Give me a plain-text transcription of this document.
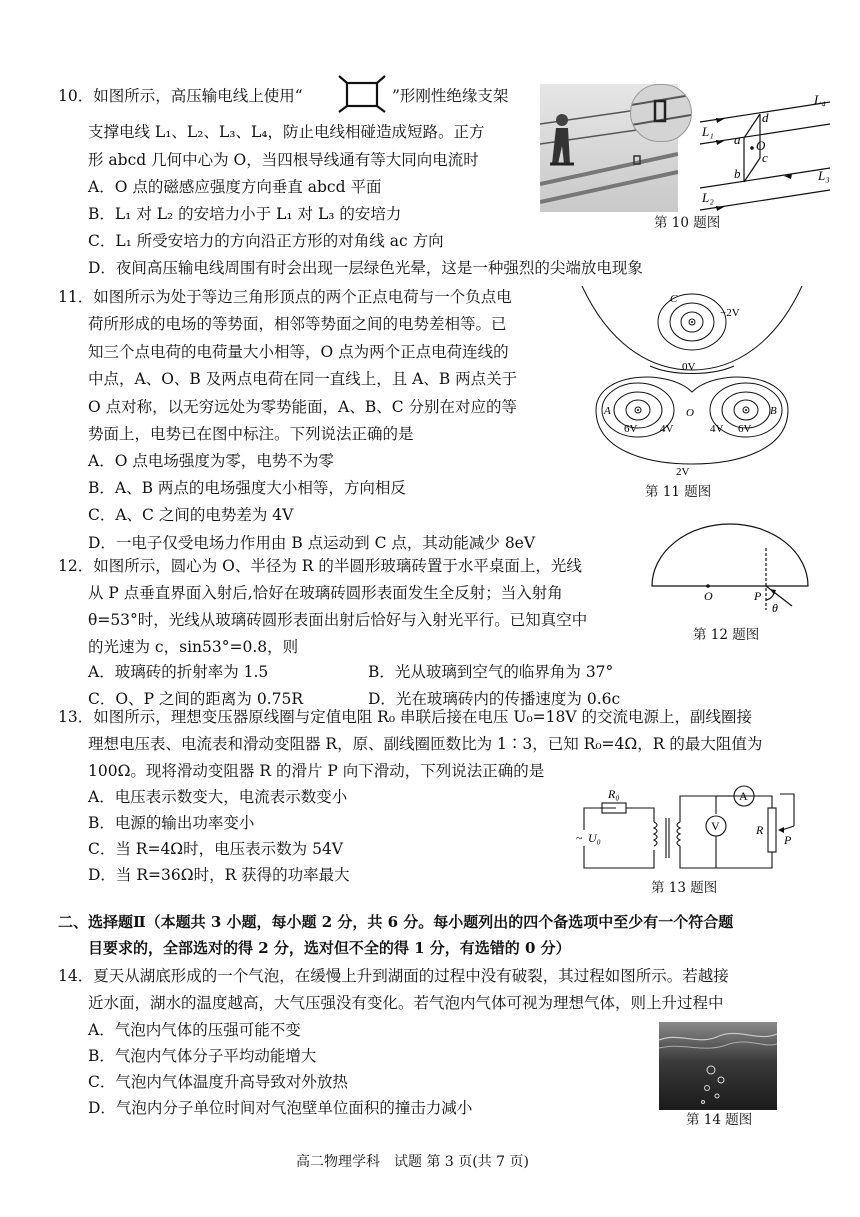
10．如图所示，高压输电线上使用“	”形刚性绝缘支架
支撑电线 L₁、L₂、L₃、L₄，防止电线相碰造成短路。正方
形 abcd 几何中心为 O，当四根导线通有等大同向电流时
A．O 点的磁感应强度方向垂直 abcd 平面
B．L₁ 对 L₂ 的安培力小于 L₁ 对 L₃ 的安培力
C．L₁ 所受安培力的方向沿正方形的对角线 ac 方向
D．夜间高压输电线周围有时会出现一层绿色光晕，这是一种强烈的尖端放电现象
L₄
L₁
L₃
L₂
a
b
c
d
O
第 10 题图
11．如图所示为处于等边三角形顶点的两个正点电荷与一个负点电
荷所形成的电场的等势面，相邻等势面之间的电势差相等。已
知三个点电荷的电荷量大小相等，O 点为两个正点电荷连线的
中点，A、O、B 及两点电荷在同一直线上，且 A、B 两点关于
O 点对称，以无穷远处为零势能面，A、B、C 分别在对应的等
势面上，电势已在图中标注。下列说法正确的是
A．O 点电场强度为零，电势不为零
B．A、B 两点的电场强度大小相等，方向相反
C．A、C 之间的电势差为 4V
D．一电子仅受电场力作用由 B 点运动到 C 点，其动能减少 8eV
C
−2V
0V
A	B
O
6V 4V	4V 6V
2V
第 11 题图
12．如图所示，圆心为 O、半径为 R 的半圆形玻璃砖置于水平桌面上，光线
从 P 点垂直界面入射后,恰好在玻璃砖圆形表面发生全反射；当入射角
θ=53°时，光线从玻璃砖圆形表面出射后恰好与入射光平行。已知真空中
的光速为 c，sin53°=0.8，则
A．玻璃砖的折射率为 1.5	B．光从玻璃到空气的临界角为 37°
C．O、P 之间的距离为 0.75R	D．光在玻璃砖内的传播速度为 0.6c
O	P
θ
第 12 题图
13．如图所示，理想变压器原线圈与定值电阻 R₀ 串联后接在电压 U₀=18V 的交流电源上，副线圈接
理想电压表、电流表和滑动变阻器 R，原、副线圈匝数比为 1∶3，已知 R₀=4Ω，R 的最大阻值为
100Ω。现将滑动变阻器 R 的滑片 P 向下滑动，下列说法正确的是
A．电压表示数变大，电流表示数变小
B．电源的输出功率变小
C．当 R=4Ω时，电压表示数为 54V
D．当 R=36Ω时，R 获得的功率最大
R₀
~ U₀
V
A
R
P
第 13 题图
二、选择题Ⅱ（本题共 3 小题，每小题 2 分，共 6 分。每小题列出的四个备选项中至少有一个符合题
目要求的，全部选对的得 2 分，选对但不全的得 1 分，有选错的 0 分）
14．夏天从湖底形成的一个气泡，在缓慢上升到湖面的过程中没有破裂，其过程如图所示。若越接
近水面，湖水的温度越高，大气压强没有变化。若气泡内气体可视为理想气体，则上升过程中
A．气泡内气体的压强可能不变
B．气泡内气体分子平均动能增大
C．气泡内气体温度升高导致对外放热
D．气泡内分子单位时间对气泡壁单位面积的撞击力减小
第 14 题图
高二物理学科　试题 第 3 页(共 7 页)
